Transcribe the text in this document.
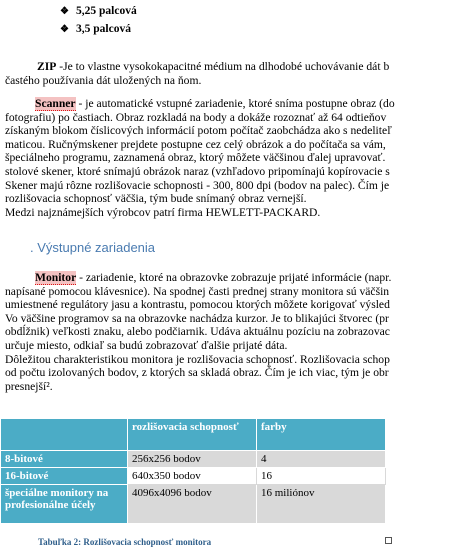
❖ 5,25 palcová
❖ 3,5 palcová
ZIP -Je to vlastne vysokokapacitné médium na dlhodobé uchovávanie dát b
častého používania dát uložených na ňom.
Scanner - je automatické vstupné zariadenie, ktoré sníma postupne obraz (do
fotografiu) po častiach. Obraz rozkladá na body a dokáže rozoznať až 64 odtieňov
získaným blokom číslicových informácií potom počítač zaobchádza ako s nedeliteľ
maticou. Ručnýmskener prejdete postupne cez celý obrázok a do počítača sa vám,
špeciálneho programu, zaznamená obraz, ktorý môžete väčšinou ďalej upravovať.
stolové skener, ktoré snímajú obrázok naraz (vzhľadovo pripomínajú kopírovacie s
Skener majú rôzne rozlišovacie schopnosti - 300, 800 dpi (bodov na palec). Čím je
rozlišovacia schopnosť väčšia, tým bude snímaný obraz vernejší.
Medzi najznámejších výrobcov patrí firma HEWLETT-PACKARD.
. Výstupné zariadenia
Monitor - zariadenie, ktoré na obrazovke zobrazuje prijaté informácie (napr.
napísané pomocou klávesnice). Na spodnej časti prednej strany monitora sú väčšin
umiestnené regulátory jasu a kontrastu, pomocou ktorých môžete korigovať výsled
Vo väčšine programov sa na obrazovke nachádza kurzor. Je to blikajúci štvorec (pr
obdĺžnik) veľkosti znaku, alebo podčiarnik. Udáva aktuálnu pozíciu na zobrazovac
určuje miesto, odkiaľ sa budú zobrazovať ďalšie prijaté dáta.
Dôležitou charakteristikou monitora je rozlišovacia schopnosť. Rozlišovacia schop
od počtu izolovaných bodov, z ktorých sa skladá obraz. Čím je ich viac, tým je obr
presnejší².
	rozlišovacia schopnosť	farby
8-bitové	256x256 bodov	4
16-bitové	640x350 bodov	16
špeciálne monitory na profesionálne účely	4096x4096 bodov	16 miliónov
Tabuľka 2: Rozlišovacia schopnosť monitora
